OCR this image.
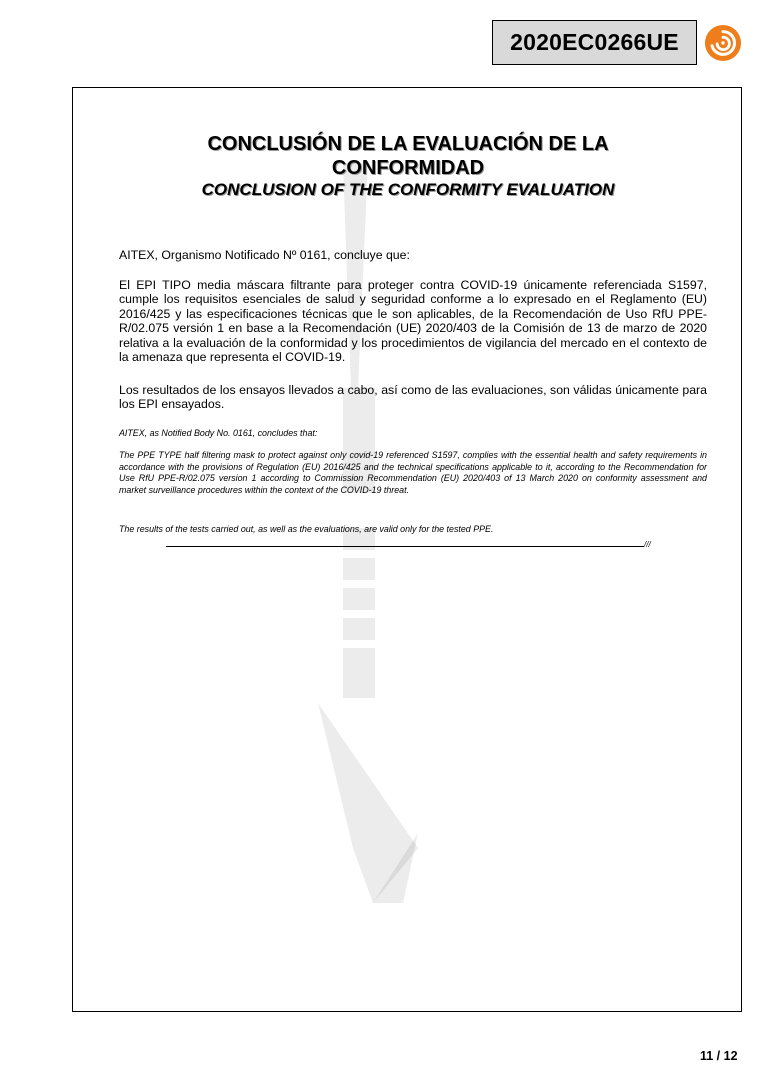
2020EC0266UE
CONCLUSIÓN DE LA EVALUACIÓN DE LA
CONFORMIDAD
CONCLUSION OF THE CONFORMITY EVALUATION
AITEX, Organismo Notificado Nº 0161, concluye que:
El EPI TIPO media máscara filtrante para proteger contra COVID-19 únicamente referenciada S1597, cumple los requisitos esenciales de salud y seguridad conforme a lo expresado en el Reglamento (EU) 2016/425 y las especificaciones técnicas que le son aplicables, de la Recomendación de Uso RfU PPE-R/02.075 versión 1 en base a la Recomendación (UE) 2020/403 de la Comisión de 13 de marzo de 2020 relativa a la evaluación de la conformidad y los procedimientos de vigilancia del mercado en el contexto de la amenaza que representa el COVID-19.
Los resultados de los ensayos llevados a cabo, así como de las evaluaciones, son válidas únicamente para los EPI ensayados.
AITEX, as Notified Body No. 0161, concludes that:
The PPE TYPE half filtering mask to protect against only covid-19 referenced S1597, complies with the essential health and safety requirements in accordance with the provisions of Regulation (EU) 2016/425 and the technical specifications applicable to it, according to the Recommendation for Use RfU PPE-R/02.075 version 1 according to Commission Recommendation (EU) 2020/403 of 13 March 2020 on conformity assessment and market surveillance procedures within the context of the COVID-19 threat.
The results of the tests carried out, as well as the evaluations, are valid only for the tested PPE.
///
11 / 12
